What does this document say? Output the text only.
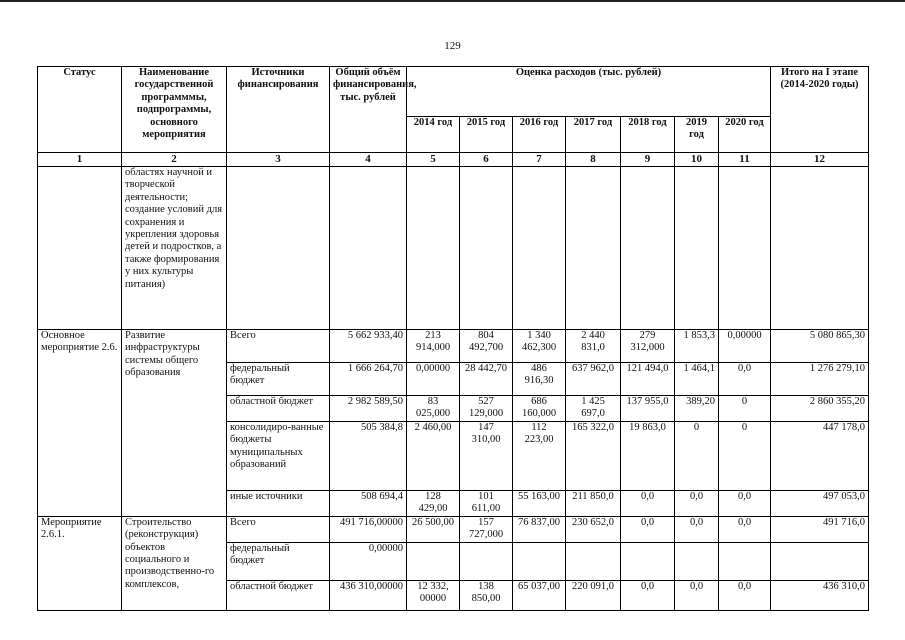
129
Статус	Наименование государственной программмы, подпрограммы, основного мероприятия	Источники финансирования	Общий объём финансирования, тыс. рублей	Оценка расходов (тыс. рублей)							Итого на I этапе (2014-2020 годы)
				2014 год	2015 год	2016 год	2017 год	2018 год	2019 год	2020 год	
1	2	3	4	5	6	7	8	9	10	11	12
	областях научной и творческой деятельности; создание условий для сохранения и укрепления здоровья детей и подростков, а также формирования у них культуры питания)										
Основное мероприятие 2.6.	Развитие инфраструктуры системы общего образования	Всего	5 662 933,40	213 914,000	804 492,700	1 340 462,300	2 440 831,0	279 312,000	1 853,3	0,00000	5 080 865,30
		федеральный бюджет	1 666 264,70	0,00000	28 442,70	486 916,30	637 962,0	121 494,0	1 464,1	0,0	1 276 279,10
		областной бюджет	2 982 589,50	83 025,000	527 129,000	686 160,000	1 425 697,0	137 955,0	389,20	0	2 860 355,20
		консолидиро-ванные бюджеты муниципальных образований	505 384,8	2 460,00	147 310,00	112 223,00	165 322,0	19 863,0	0	0	447 178,0
		иные источники	508 694,4	128 429,00	101 611,00	55 163,00	211 850,0	0,0	0,0	0,0	497 053,0
Мероприятие 2.6.1.	Строительство (реконструкция) объектов социального и производственно-го комплексов,	Всего	491 716,00000	26 500,00	157 727,000	76 837,00	230 652,0	0,0	0,0	0,0	491 716,0
		федеральный бюджет	0,00000								
		областной бюджет	436 310,00000	12 332, 00000	138 850,00	65 037,00	220 091,0	0,0	0,0	0,0	436 310,0
